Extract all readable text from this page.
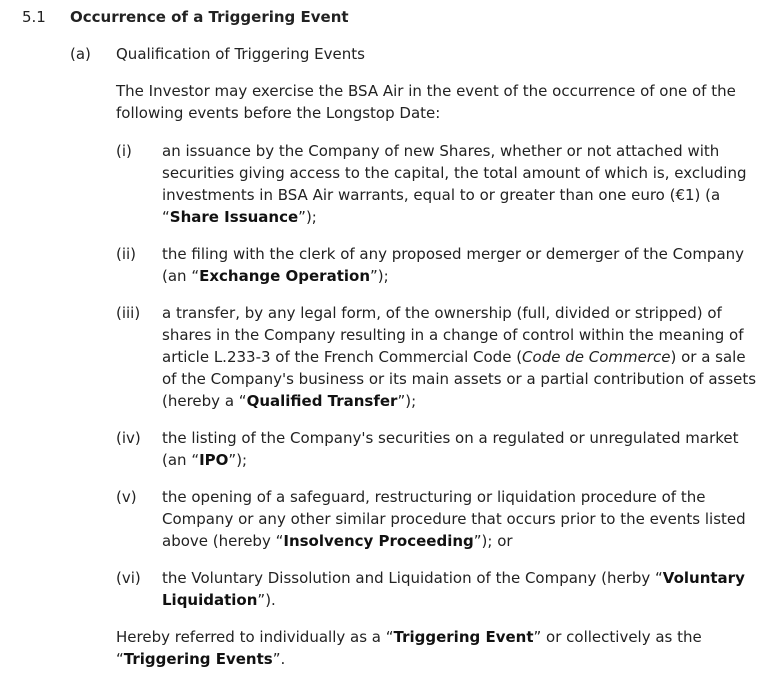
5.1 Occurrence of a Triggering Event
(a) Qualification of Triggering Events
The Investor may exercise the BSA Air in the event of the occurrence of one of the following events before the Longstop Date:
(i) an issuance by the Company of new Shares, whether or not attached with securities giving access to the capital, the total amount of which is, excluding investments in BSA Air warrants, equal to or greater than one euro (€1) (a “Share Issuance”);
(ii) the filing with the clerk of any proposed merger or demerger of the Company (an “Exchange Operation”);
(iii) a transfer, by any legal form, of the ownership (full, divided or stripped) of shares in the Company resulting in a change of control within the meaning of article L.233-3 of the French Commercial Code (Code de Commerce) or a sale of the Company's business or its main assets or a partial contribution of assets (hereby a “Qualified Transfer”);
(iv) the listing of the Company's securities on a regulated or unregulated market (an “IPO”);
(v) the opening of a safeguard, restructuring or liquidation procedure of the Company or any other similar procedure that occurs prior to the events listed above (hereby “Insolvency Proceeding”); or
(vi) the Voluntary Dissolution and Liquidation of the Company (herby “Voluntary Liquidation”).
Hereby referred to individually as a “Triggering Event” or collectively as the “Triggering Events”.
